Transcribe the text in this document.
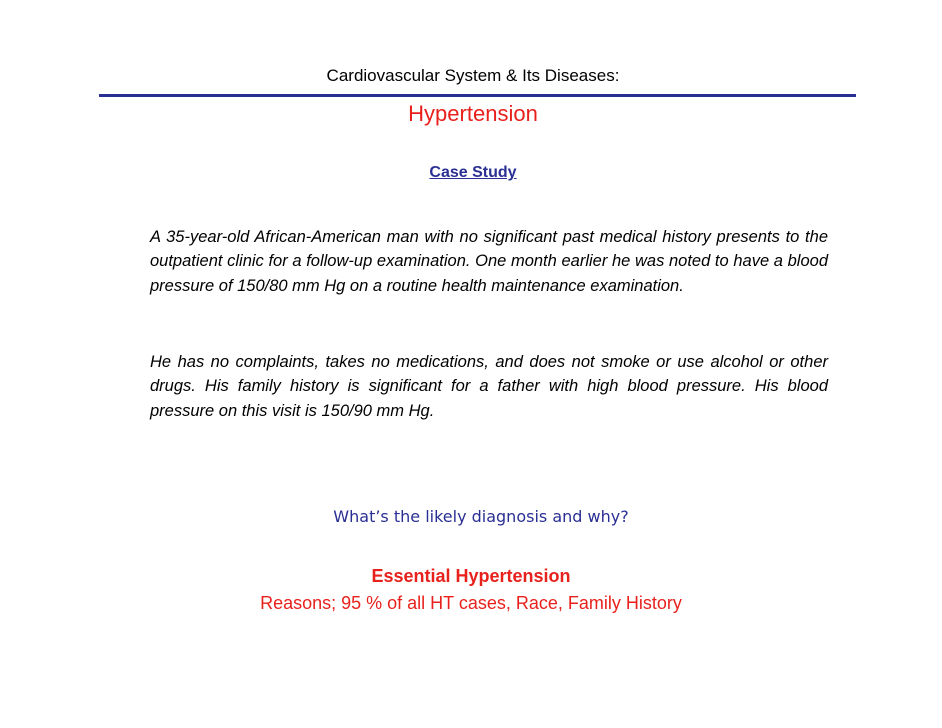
Cardiovascular System & Its Diseases:
Hypertension
Case Study
A 35-year-old African-American man with no significant past medical history presents to the outpatient clinic for a follow-up examination. One month earlier he was noted to have a blood pressure of 150/80 mm Hg on a routine health maintenance examination.
He has no complaints, takes no medications, and does not smoke or use alcohol or other drugs. His family history is significant for a father with high blood pressure. His blood pressure on this visit is 150/90 mm Hg.
What’s the likely diagnosis and why?
Essential Hypertension
Reasons; 95 % of all HT cases, Race, Family History
